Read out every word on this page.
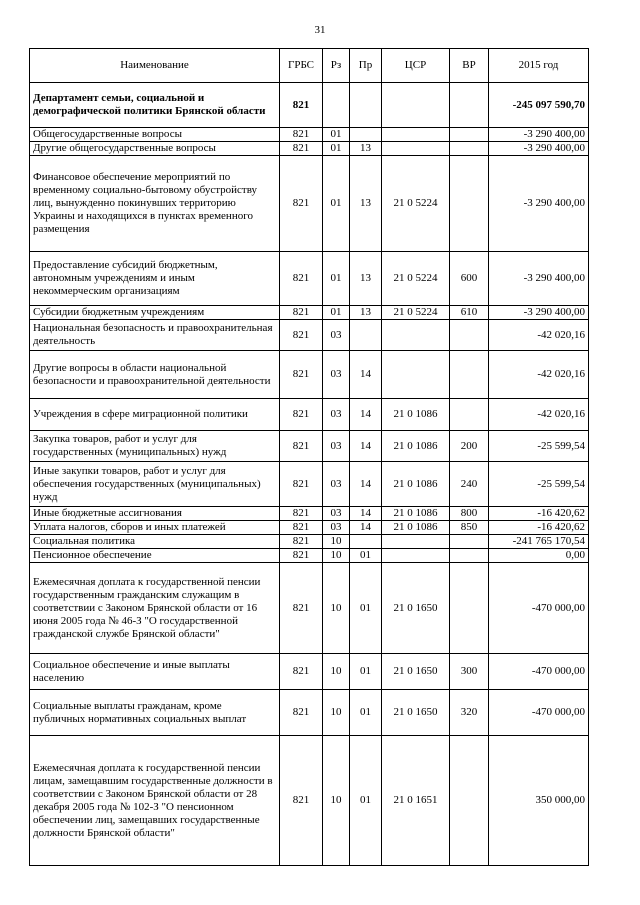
31
Наименование	ГРБС	Рз	Пр	ЦСР	ВР	2015 год
Департамент семьи, социальной и демографической политики Брянской области	821					-245 097 590,70
Общегосударственные вопросы	821	01				-3 290 400,00
Другие общегосударственные вопросы	821	01	13			-3 290 400,00
Финансовое обеспечение мероприятий по временному социально-бытовому обустройству лиц, вынужденно покинувших территорию Украины и находящихся в пунктах временного размещения	821	01	13	21 0 5224		-3 290 400,00
Предоставление субсидий бюджетным, автономным учреждениям и иным некоммерческим организациям	821	01	13	21 0 5224	600	-3 290 400,00
Субсидии бюджетным учреждениям	821	01	13	21 0 5224	610	-3 290 400,00
Национальная безопасность и правоохранительная деятельность	821	03				-42 020,16
Другие вопросы в области национальной безопасности и правоохранительной деятельности	821	03	14			-42 020,16
Учреждения в сфере миграционной политики	821	03	14	21 0 1086		-42 020,16
Закупка товаров, работ и услуг для государственных (муниципальных) нужд	821	03	14	21 0 1086	200	-25 599,54
Иные закупки товаров, работ и услуг для обеспечения государственных (муниципальных) нужд	821	03	14	21 0 1086	240	-25 599,54
Иные бюджетные ассигнования	821	03	14	21 0 1086	800	-16 420,62
Уплата налогов, сборов и иных платежей	821	03	14	21 0 1086	850	-16 420,62
Социальная политика	821	10				-241 765 170,54
Пенсионное обеспечение	821	10	01			0,00
Ежемесячная доплата к государственной пенсии государственным гражданским служащим в соответствии с Законом Брянской области от 16 июня 2005 года № 46-З "О государственной гражданской службе Брянской области"	821	10	01	21 0 1650		-470 000,00
Социальное обеспечение и иные выплаты населению	821	10	01	21 0 1650	300	-470 000,00
Социальные выплаты гражданам, кроме публичных нормативных социальных выплат	821	10	01	21 0 1650	320	-470 000,00
Ежемесячная доплата к государственной пенсии лицам, замещавшим государственные должности в соответствии с Законом Брянской области от 28 декабря 2005 года № 102-З "О пенсионном обеспечении лиц, замещавших государственные должности Брянской области"	821	10	01	21 0 1651		350 000,00
